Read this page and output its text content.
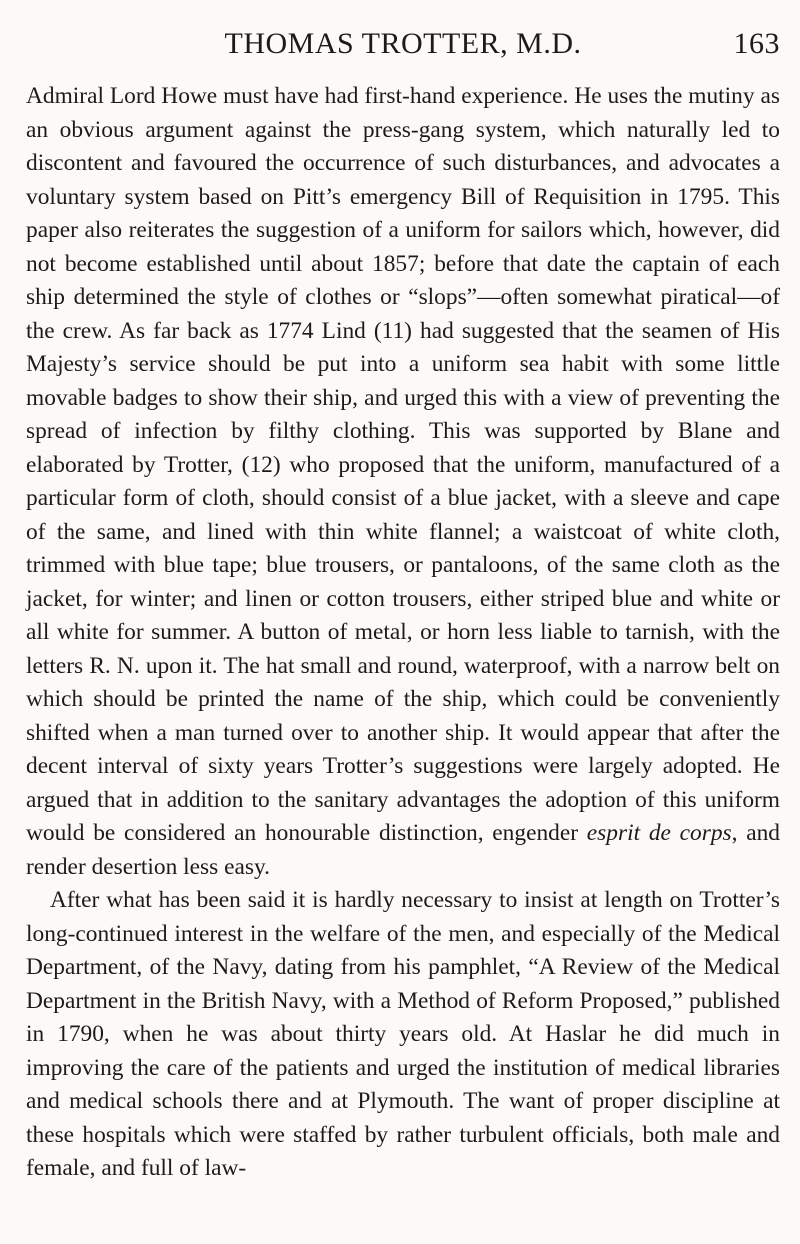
THOMAS TROTTER, M.D.	163

Admiral Lord Howe must have had first-hand experience. He uses the mutiny as an obvious argument against the press-gang system, which naturally led to discontent and favoured the occurrence of such disturbances, and advocates a voluntary system based on Pitt’s emergency Bill of Requisition in 1795. This paper also reiterates the suggestion of a uniform for sailors which, however, did not become established until about 1857; before that date the captain of each ship determined the style of clothes or “slops”—often somewhat piratical—of the crew. As far back as 1774 Lind (11) had suggested that the seamen of His Majesty’s service should be put into a uniform sea habit with some little movable badges to show their ship, and urged this with a view of preventing the spread of infection by filthy clothing. This was supported by Blane and elaborated by Trotter, (12) who proposed that the uniform, manufactured of a particular form of cloth, should consist of a blue jacket, with a sleeve and cape of the same, and lined with thin white flannel; a waistcoat of white cloth, trimmed with blue tape; blue trousers, or pantaloons, of the same cloth as the jacket, for winter; and linen or cotton trousers, either striped blue and white or all white for summer. A button of metal, or horn less liable to tarnish, with the letters R. N. upon it. The hat small and round, waterproof, with a narrow belt on which should be printed the name of the ship, which could be conveniently shifted when a man turned over to another ship. It would appear that after the decent interval of sixty years Trotter’s suggestions were largely adopted. He argued that in addition to the sanitary advantages the adoption of this uniform would be considered an honourable distinction, engender esprit de corps, and render desertion less easy.

After what has been said it is hardly necessary to insist at length on Trotter’s long-continued interest in the welfare of the men, and especially of the Medical Department, of the Navy, dating from his pamphlet, “A Review of the Medical Department in the British Navy, with a Method of Reform Proposed,” published in 1790, when he was about thirty years old. At Haslar he did much in improving the care of the patients and urged the institution of medical libraries and medical schools there and at Plymouth. The want of proper discipline at these hospitals which were staffed by rather turbulent officials, both male and female, and full of law-
